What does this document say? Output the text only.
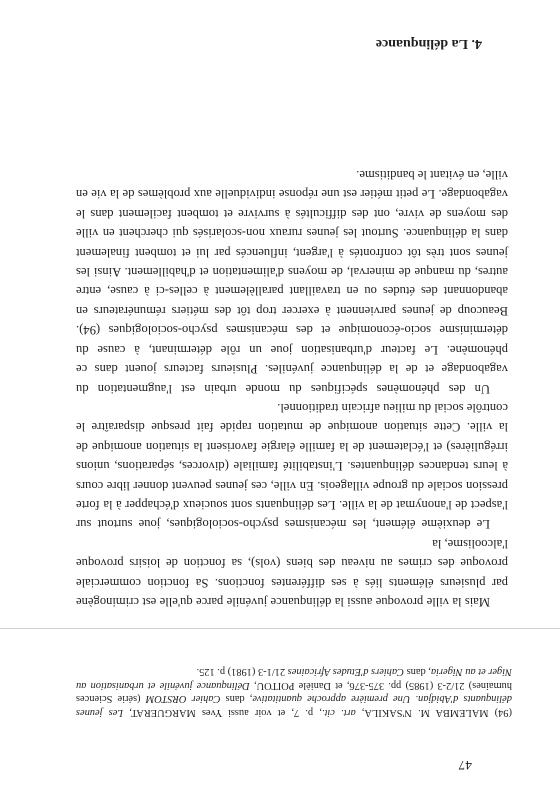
47

(94) MALEMBA M. N'SAKILA, art. cit., p. 7, et voir aussi Yves MARGUERAT, Les jeunes délinquants d'Abidjan. Une première approche quantitative, dans Cahier ORSTOM (série Sciences humaines) 21/2-3 (1985) pp. 375-376, et Danièle POITOU, Délinquance juvénile et urbanisation au Niger et au Nigeria, dans Cahiers d'Etudes Africaines 21/1-3 (1981) p. 125.

Mais la ville provoque aussi la délinquance juvénile parce qu'elle est criminogène par plusieurs éléments liés à ses différentes fonctions. Sa fonction commerciale provoque des crimes au niveau des biens (vols), sa fonction de loisirs provoque l'alcoolisme, la

Le deuxième élément, les mécanismes psycho-sociologiques, joue surtout sur l'aspect de l'anonymat de la ville. Les délinquants sont soucieux d'échapper à la forte pression sociale du groupe villageois. En ville, ces jeunes peuvent donner libre cours à leurs tendances délinquantes. L'instabilité familiale (divorces, séparations, unions irrégulières) et l'éclatement de la famille élargie favorisent la situation anomique de la ville. Cette situation anomique de mutation rapide fait presque disparaître le contrôle social du milieu africain traditionnel.

Un des phénomènes spécifiques du monde urbain est l'augmentation du vagabondage et de la délinquance juvéniles. Plusieurs facteurs jouent dans ce phénomène. Le facteur d'urbanisation joue un rôle déterminant, à cause du déterminisme socio-économique et des mécanismes psycho-sociologiques (94). Beaucoup de jeunes parviennent à exercer trop tôt des métiers rémunérateurs en abandonnant des études ou en travaillant parallèlement à celles-ci à cause, entre autres, du manque de minerval, de moyens d'alimentation et d'habillement. Ainsi les jeunes sont très tôt confrontés à l'argent, influencés par lui et tombent finalement dans la délinquance. Surtout les jeunes ruraux non-scolarisés qui cherchent en ville des moyens de vivre, ont des difficultés à survivre et tombent facilement dans le vagabondage. Le petit métier est une réponse individuelle aux problèmes de la vie en ville, en évitant le banditisme.

4. La délinquance
